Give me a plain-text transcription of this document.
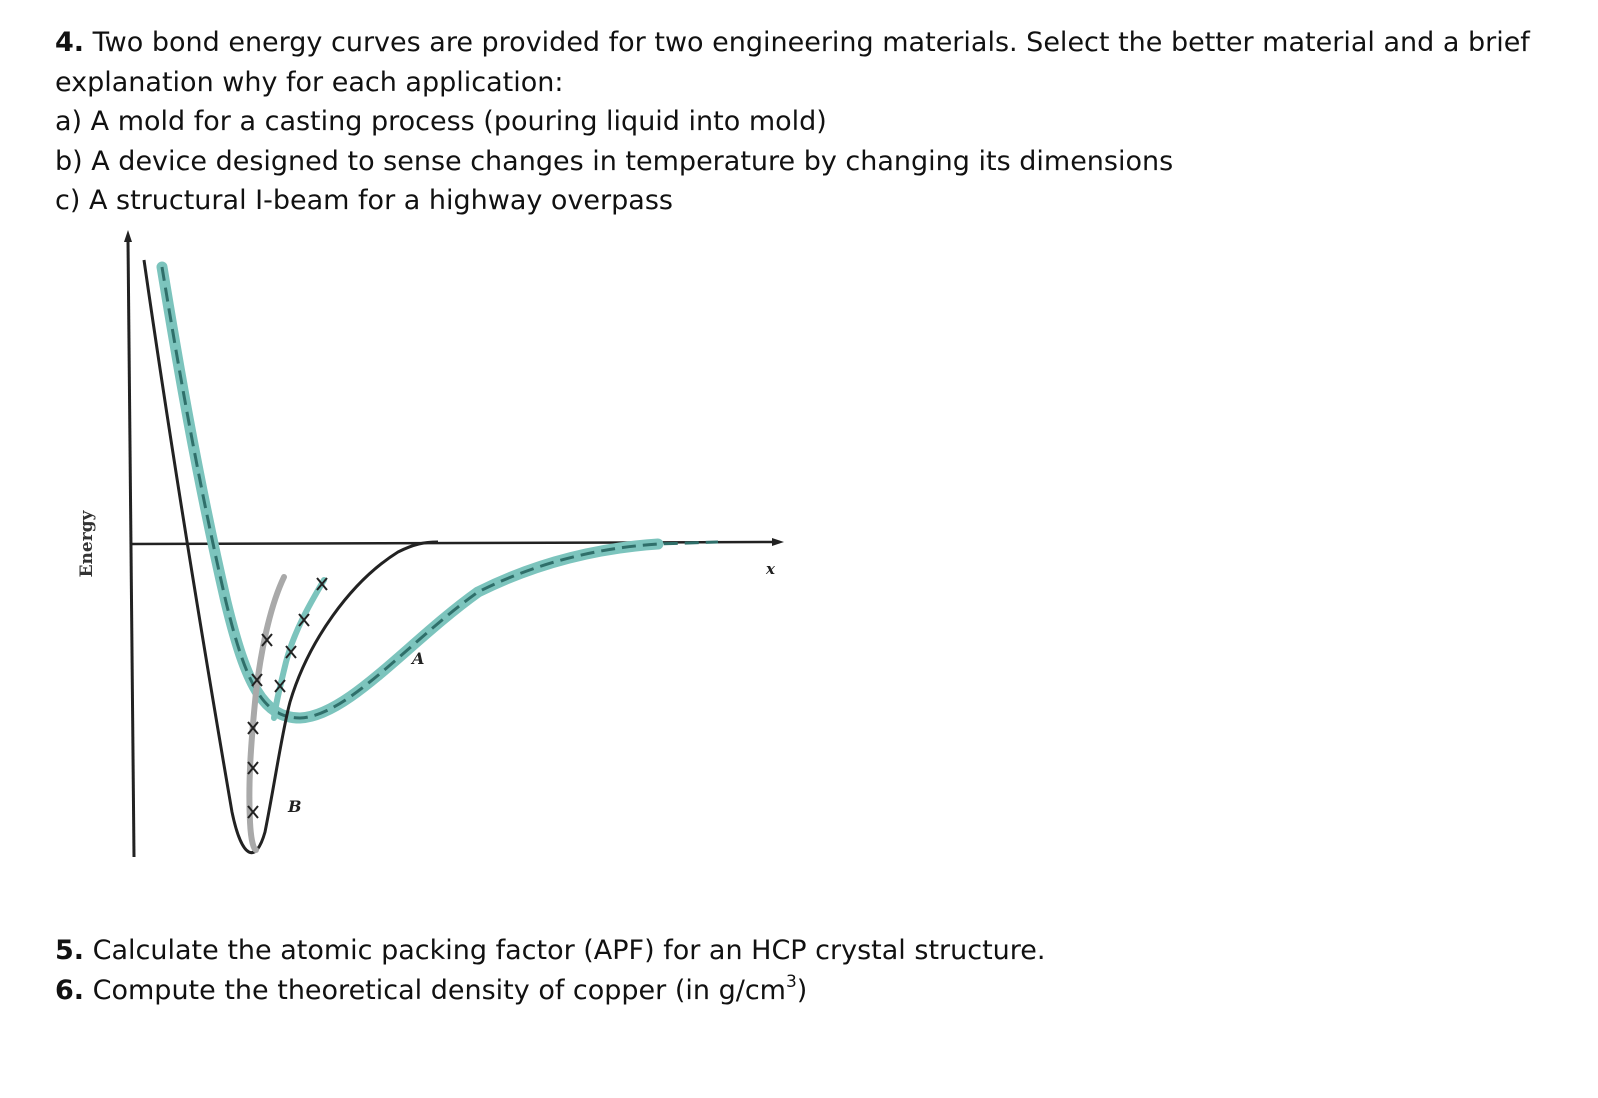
4. Two bond energy curves are provided for two engineering materials. Select the better material and a brief
explanation why for each application:
a) A mold for a casting process (pouring liquid into mold)
b) A device designed to sense changes in temperature by changing its dimensions
c) A structural I-beam for a highway overpass
A
B
x
Energy
5. Calculate the atomic packing factor (APF) for an HCP crystal structure.
6. Compute the theoretical density of copper (in $g/cm^3$)
